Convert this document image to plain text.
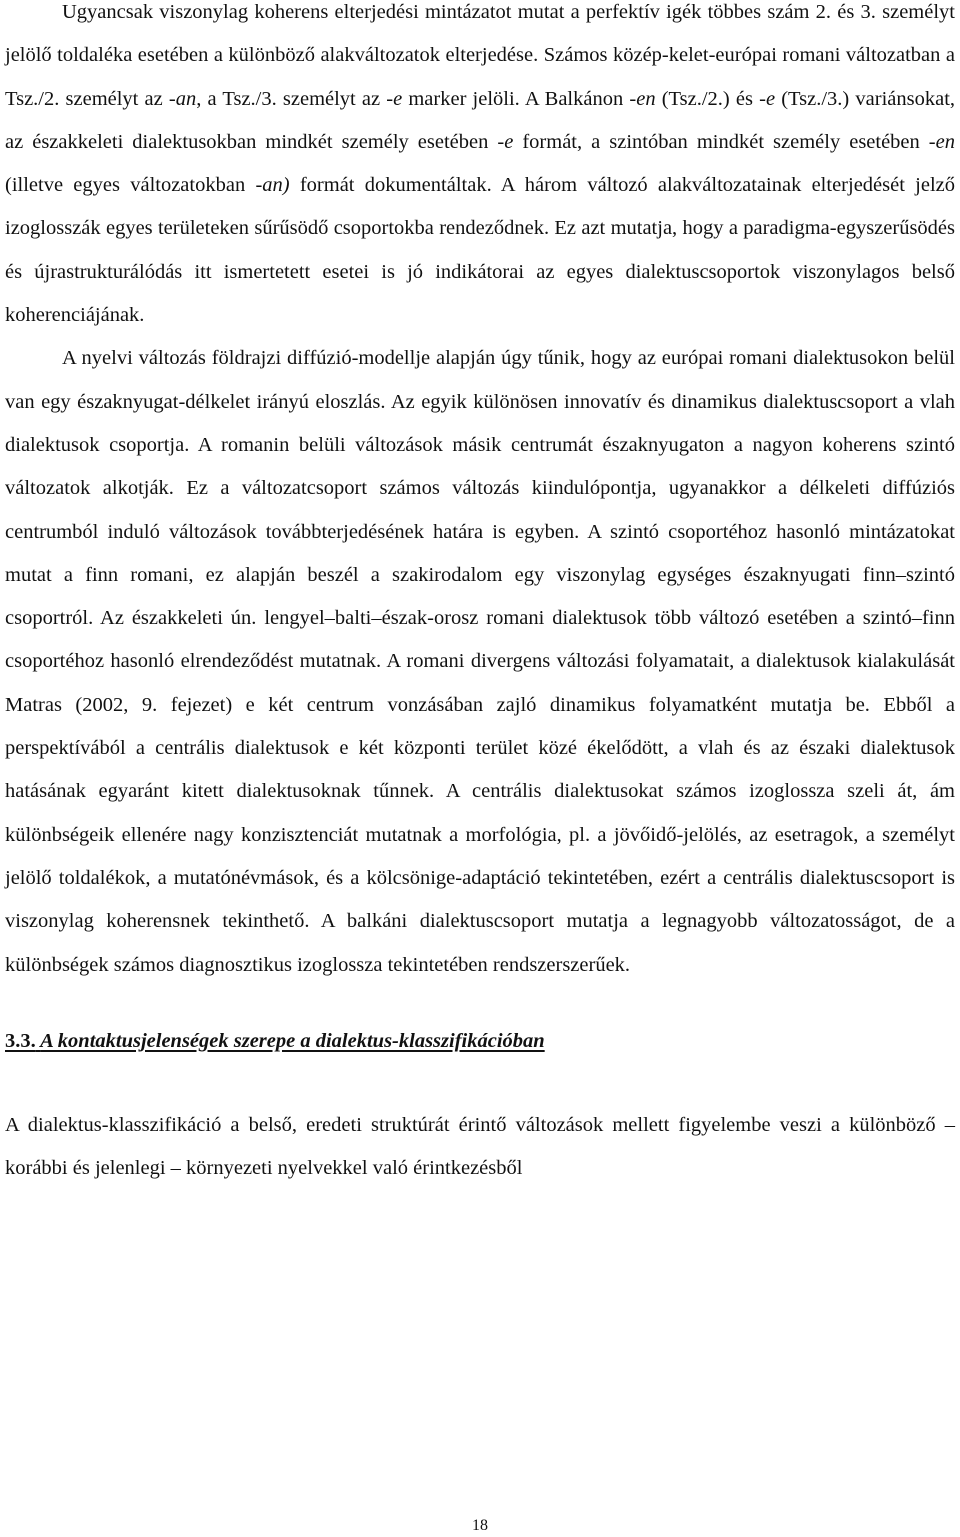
Ugyancsak viszonylag koherens elterjedési mintázatot mutat a perfektív igék többes szám 2. és 3. személyt jelölő toldaléka esetében a különböző alakváltozatok elterjedése. Számos közép-kelet-európai romani változatban a Tsz./2. személyt az -an, a Tsz./3. személyt az -e marker jelöli. A Balkánon -en (Tsz./2.) és -e (Tsz./3.) variánsokat, az északkeleti dialektusokban mindkét személy esetében -e formát, a szintóban mindkét személy esetében -en (illetve egyes változatokban -an) formát dokumentáltak. A három változó alakváltozatainak elterjedését jelző izoglosszák egyes területeken sűrűsödő csoportokba rendeződnek. Ez azt mutatja, hogy a paradigma-egyszerűsödés és újrastrukturálódás itt ismertetett esetei is jó indikátorai az egyes dialektuscsoportok viszonylagos belső koherenciájának.

A nyelvi változás földrajzi diffúzió-modellje alapján úgy tűnik, hogy az európai romani dialektusokon belül van egy északnyugat-délkelet irányú eloszlás. Az egyik különösen innovatív és dinamikus dialektuscsoport a vlah dialektusok csoportja. A romanin belüli változások másik centrumát északnyugaton a nagyon koherens szintó változatok alkotják. Ez a változatcsoport számos változás kiindulópontja, ugyanakkor a délkeleti diffúziós centrumból induló változások továbbterjedésének határa is egyben. A szintó csoportéhoz hasonló mintázatokat mutat a finn romani, ez alapján beszél a szakirodalom egy viszonylag egységes északnyugati finn–szintó csoportról. Az északkeleti ún. lengyel–balti–észak-orosz romani dialektusok több változó esetében a szintó–finn csoportéhoz hasonló elrendeződést mutatnak. A romani divergens változási folyamatait, a dialektusok kialakulását Matras (2002, 9. fejezet) e két centrum vonzásában zajló dinamikus folyamatként mutatja be. Ebből a perspektívából a centrális dialektusok e két központi terület közé ékelődött, a vlah és az északi dialektusok hatásának egyaránt kitett dialektusoknak tűnnek. A centrális dialektusokat számos izoglossza szeli át, ám különbségeik ellenére nagy konzisztenciát mutatnak a morfológia, pl. a jövőidő-jelölés, az esetragok, a személyt jelölő toldalékok, a mutatónévmások, és a kölcsönige-adaptáció tekintetében, ezért a centrális dialektuscsoport is viszonylag koherensnek tekinthető. A balkáni dialektuscsoport mutatja a legnagyobb változatosságot, de a különbségek számos diagnosztikus izoglossza tekintetében rendszerszerűek.

3.3. A kontaktusjelenségek szerepe a dialektus-klasszifikációban

A dialektus-klasszifikáció a belső, eredeti struktúrát érintő változások mellett figyelembe veszi a különböző – korábbi és jelenlegi – környezeti nyelvekkel való érintkezésből

18
